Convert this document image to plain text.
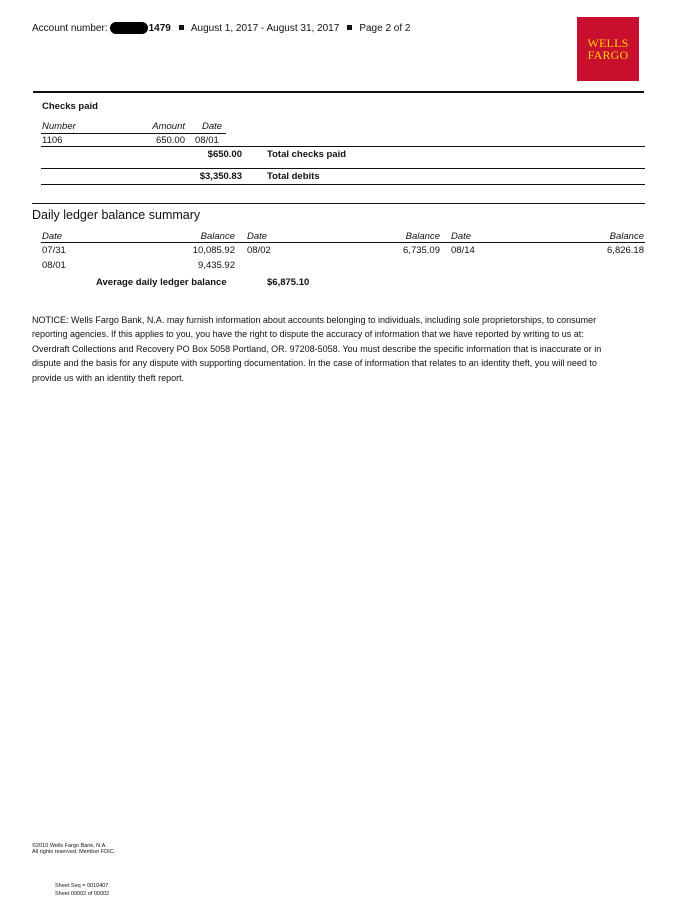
Account number:	1479 August 1, 2017 - August 31, 2017 Page 2 of 2
WELLS
FARGO
Checks paid
Number	Amount Date
1106	650.00 08/01
$650.00	Total checks paid
$3,350.83	Total debits
Daily ledger balance summary
Date	Balance Date	Balance Date	Balance
07/31	10,085.92 08/02	6,735.09 08/14	6,826.18
08/01	9,435.92
Average daily ledger balance	$6,875.10
NOTICE: Wells Fargo Bank, N.A. may furnish information about accounts belonging to individuals, including sole proprietorships, to consumer reporting agencies. If this applies to you, you have the right to dispute the accuracy of information that we have reported by writing to us at: Overdraft Collections and Recovery PO Box 5058 Portland, OR. 97208-5058. You must describe the specific information that is inaccurate or in dispute and the basis for any dispute with supporting documentation. In the case of information that relates to an identity theft, you will need to provide us with an identity theft report.
©2010 Wells Fargo Bank, N.A.
All rights reserved. Member FDIC.
Sheet Seq = 0010407
Sheet 00002 of 00002
